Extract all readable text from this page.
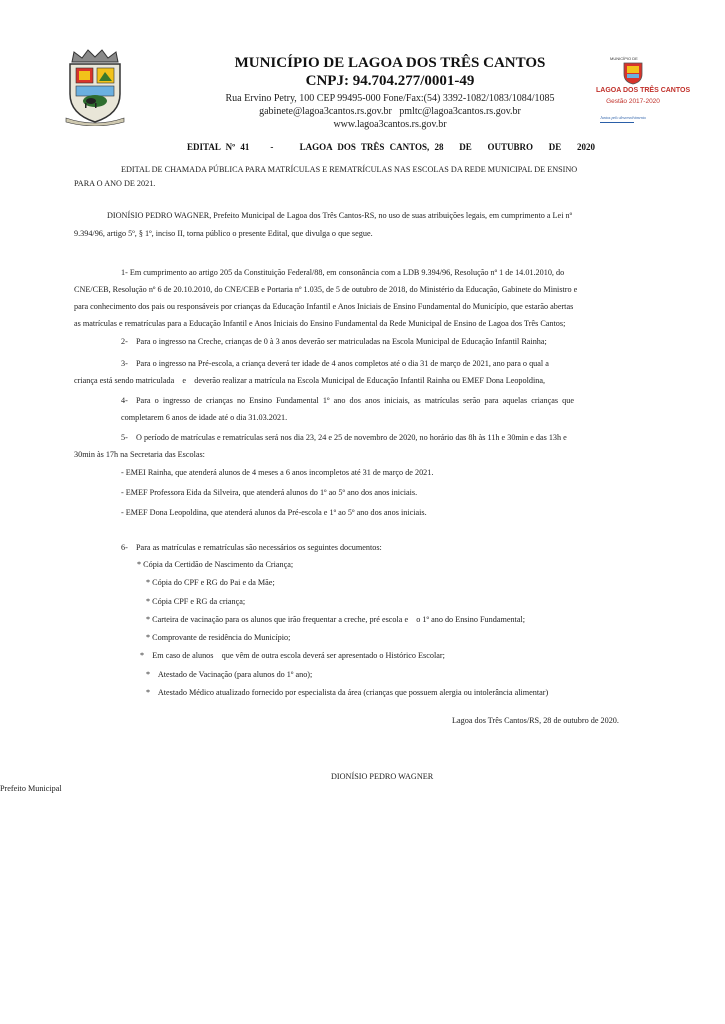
MUNICÍPIO DE LAGOA DOS TRÊS CANTOS
CNPJ: 94.704.277/0001-49
Rua Ervino Petry, 100 CEP 99495-000 Fone/Fax:(54) 3392-1082/1083/1084/1085
gabinete@lagoa3cantos.rs.gov.br   pmltc@lagoa3cantos.rs.gov.br
www.lagoa3cantos.rs.gov.br
MUNICÍPIO DE
LAGOA DOS TRÊS CANTOS
Gestão 2017-2020
Juntos pelo desenvolvimento
EDITAL Nº 41    -     LAGOA DOS TRÊS CANTOS, 28   DE   OUTUBRO   DE   2020
EDITAL DE CHAMADA PÚBLICA PARA MATRÍCULAS E REMATRÍCULAS NAS ESCOLAS DA REDE MUNICIPAL DE ENSINO
PARA O ANO DE 2021.
DIONÍSIO PEDRO WAGNER, Prefeito Municipal de Lagoa dos Três Cantos-RS, no uso de suas atribuições legais, em cumprimento a Lei nº
9.394/96, artigo 5º, § 1º, inciso II, torna público o presente Edital, que divulga o que segue.
1- Em cumprimento ao artigo 205 da Constituição Federal/88, em consonância com a LDB 9.394/96, Resolução nº 1 de 14.01.2010, do
CNE/CEB, Resolução nº 6 de 20.10.2010, do CNE/CEB e Portaria nº 1.035, de 5 de outubro de 2018, do Ministério da Educação, Gabinete do Ministro e
para conhecimento dos pais ou responsáveis por crianças da Educação Infantil e Anos Iniciais de Ensino Fundamental do Município, que estarão abertas
as matrículas e rematrículas para a Educação Infantil e Anos Iniciais do Ensino Fundamental da Rede Municipal de Ensino de Lagoa dos Três Cantos;
2-    Para o ingresso na Creche, crianças de 0 à 3 anos deverão ser matriculadas na Escola Municipal de Educação Infantil Rainha;
3-    Para o ingresso na Pré-escola, a criança deverá ter idade de 4 anos completos até o dia 31 de março de 2021, ano para o qual a
criança está sendo matriculada    e    deverão realizar a matrícula na Escola Municipal de Educação Infantil Rainha ou EMEF Dona Leopoldina,
4-    Para  o  ingresso  de  crianças  no  Ensino  Fundamental  1º  ano  dos  anos  iniciais,  as  matrículas  serão  para  aquelas  crianças  que
completarem 6 anos de idade até o dia 31.03.2021.
5-    O período de matrículas e rematrículas será nos dia 23, 24 e 25 de novembro de 2020, no horário das 8h às 11h e 30min e das 13h e
30min às 17h na Secretaria das Escolas:
- EMEI Rainha, que atenderá alunos de 4 meses a 6 anos incompletos até 31 de março de 2021.
- EMEF Professora Eida da Silveira, que atenderá alunos do 1º ao 5º ano dos anos iniciais.
- EMEF Dona Leopoldina, que atenderá alunos da Pré-escola e 1º ao 5º ano dos anos iniciais.
6-    Para as matrículas e rematrículas são necessários os seguintes documentos:
* Cópia da Certidão de Nascimento da Criança;
* Cópia do CPF e RG do Pai e da Mãe;
* Cópia CPF e RG da criança;
* Carteira de vacinação para os alunos que irão frequentar a creche, pré escola e    o 1º ano do Ensino Fundamental;
* Comprovante de residência do Município;
*    Em caso de alunos    que vêm de outra escola deverá ser apresentado o Histórico Escolar;
*    Atestado de Vacinação (para alunos do 1º ano);
*    Atestado Médico atualizado fornecido por especialista da área (crianças que possuem alergia ou intolerância alimentar)
Lagoa dos Três Cantos/RS, 28 de outubro de 2020.
DIONÍSIO PEDRO WAGNER
Prefeito Municipal
